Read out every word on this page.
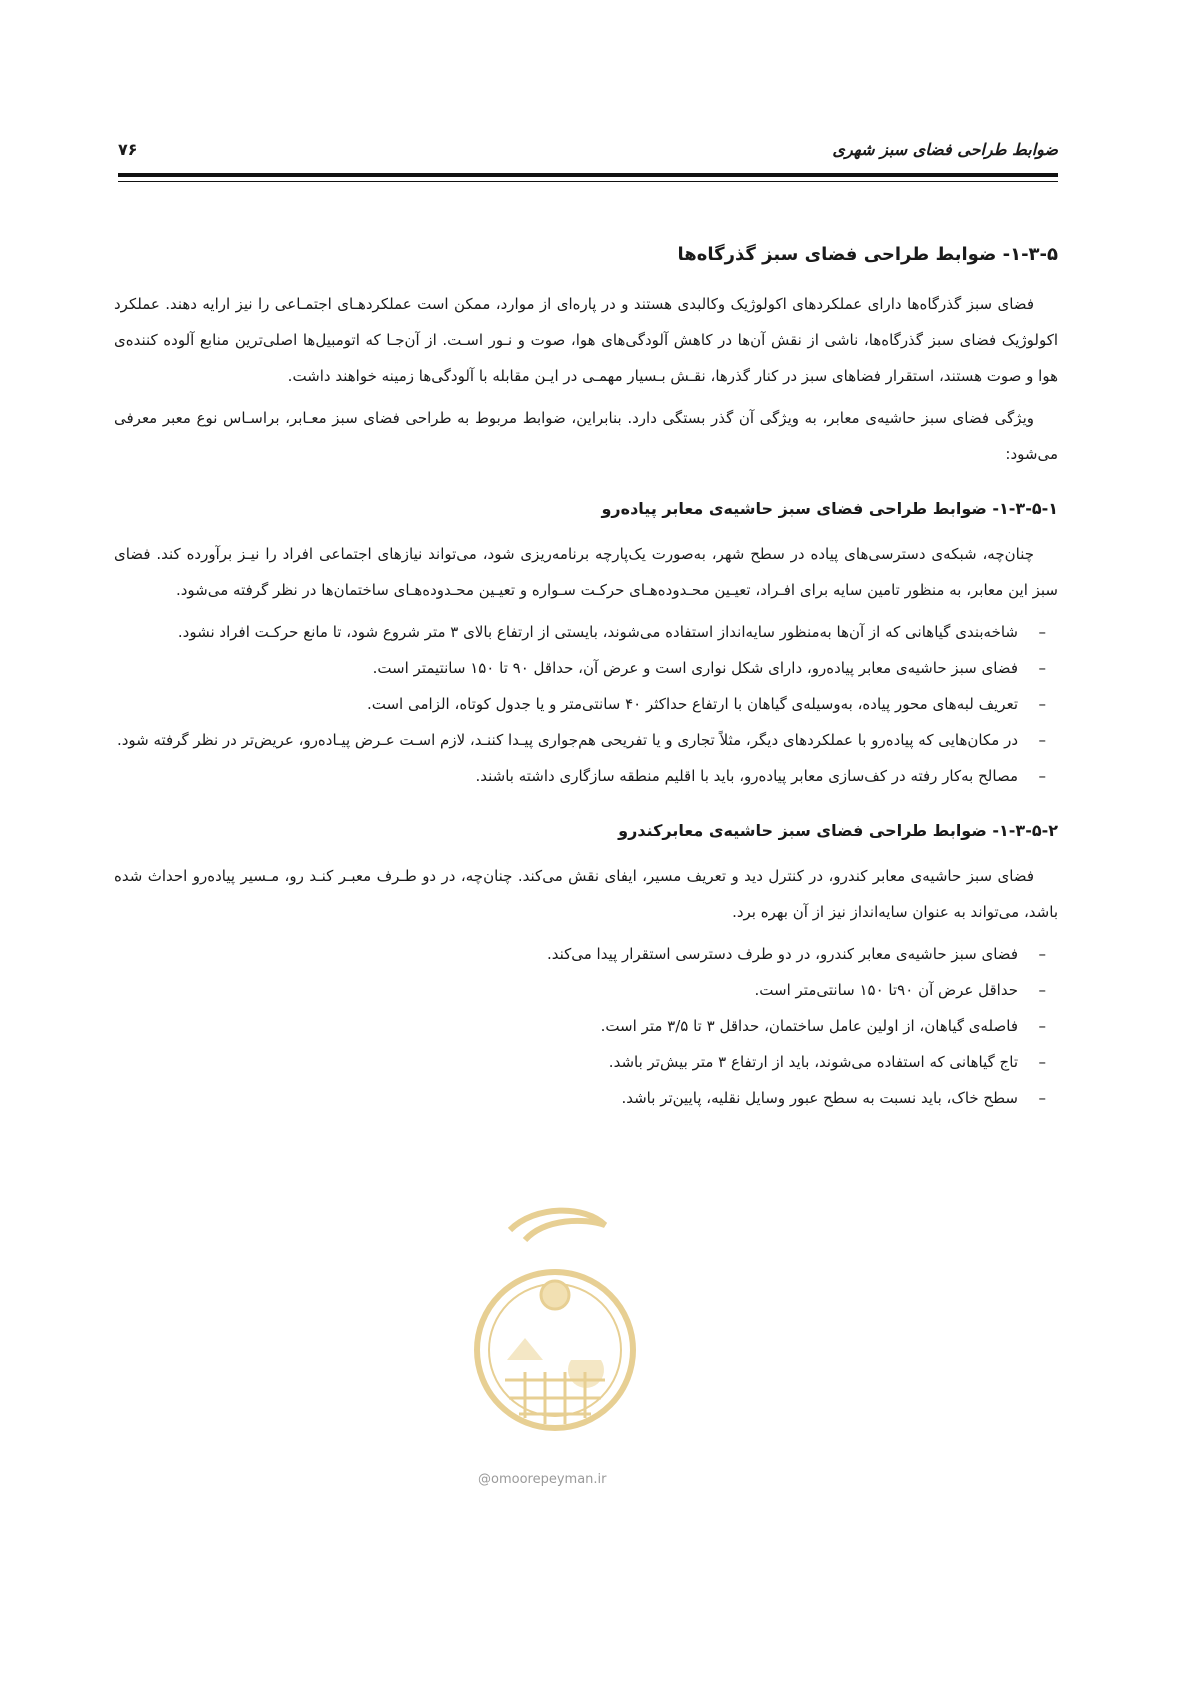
ضوابط طراحی فضای سبز شهری
۷۶
۱-۳-۵- ضوابط طراحی فضای سبز گذرگاه‌ها

فضای سبز گذرگاه‌ها دارای عملکردهای اکولوژیک وکالبدی هستند و در پاره‌ای از موارد، ممکن است عملکردهـای اجتمـاعی را نیز ارایه دهند. عملکرد اکولوژیک فضای سبز گذرگاه‌ها، ناشی از نقش آن‌ها در کاهش آلودگی‌های هوا، صوت و نـور اسـت. از آن‌جـا که اتومبیل‌ها اصلی‌ترین منابع آلوده کننده‌ی هوا و صوت هستند، استقرار فضاهای سبز در کنار گذرها، نقـش بـسیار مهمـی در ایـن مقابله با آلودگی‌ها زمینه خواهند داشت.

ویژگی فضای سبز حاشیه‌ی معابر، به ویژگی آن گذر بستگی دارد. بنابراین، ضوابط مربوط به طراحی فضای سبز معـابر، براسـاس نوع معبر معرفی می‌شود:

۱-۳-۵-۱- ضوابط طراحی فضای سبز حاشیه‌ی معابر پیاده‌رو

چنان‌چه، شبکه‌ی دسترسی‌های پیاده در سطح شهر، به‌صورت یک‌پارچه برنامه‌ریزی شود، می‌تواند نیازهای اجتماعی افراد را نیـز برآورده کند. فضای سبز این معابر، به منظور تامین سایه برای افـراد، تعیـین محـدوده‌هـای حرکـت سـواره و تعیـین محـدوده‌هـای ساختمان‌ها در نظر گرفته می‌شود.

–
شاخه‌بندی گیاهانی که از آن‌ها به‌منظور سایه‌انداز استفاده می‌شوند، بایستی از ارتفاع بالای ۳ متر شروع شود، تا مانع حرکـت افراد نشود.
–
فضای سبز حاشیه‌ی معابر پیاده‌رو، دارای شکل نواری است و عرض آن، حداقل ۹۰ تا ۱۵۰ سانتیمتر است.
–
تعریف لبه‌های محور پیاده، به‌وسیله‌ی گیاهان با ارتفاع حداکثر ۴۰ سانتی‌متر و یا جدول کوتاه، الزامی است.
–
در مکان‌هایی که پیاده‌رو با عملکردهای دیگر، مثلاً تجاری و یا تفریحی هم‌جواری پیـدا کننـد، لازم اسـت عـرض پیـاده‌رو، عریض‌تر در نظر گرفته شود.
–
مصالح به‌کار رفته در کف‌سازی معابر پیاده‌رو، باید با اقلیم منطقه سازگاری داشته باشند.
۱-۳-۵-۲- ضوابط طراحی فضای سبز حاشیه‌ی معابرکندرو

فضای سبز حاشیه‌ی معابر کندرو، در کنترل دید و تعریف مسیر، ایفای نقش می‌کند. چنان‌چه، در دو طـرف معبـر کنـد رو، مـسیر پیاده‌رو احداث شده باشد، می‌تواند به عنوان سایه‌انداز نیز از آن بهره برد.

–
فضای سبز حاشیه‌ی معابر کندرو، در دو طرف دسترسی استقرار پیدا می‌کند.
–
حداقل عرض آن ۹۰تا ۱۵۰ سانتی‌متر است.
–
فاصله‌ی گیاهان، از اولین عامل ساختمان، حداقل ۳ تا ۳/۵ متر است.
–
تاج گیاهانی که استفاده می‌شوند، باید از ارتفاع ۳ متر بیش‌تر باشد.
–
سطح خاک، باید نسبت به سطح عبور وسایل نقلیه، پایین‌تر باشد.
@omoorepeyman.ir
